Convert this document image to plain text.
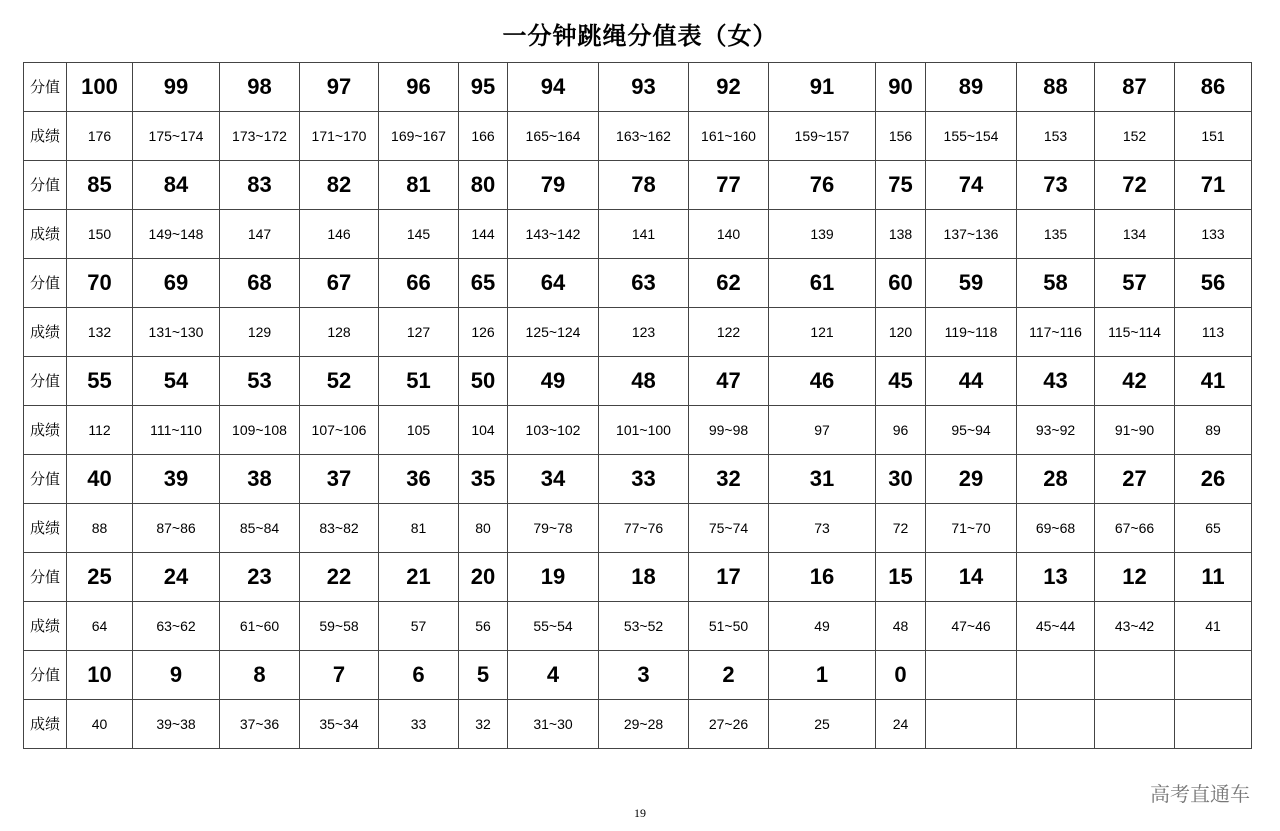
一分钟跳绳分值表（女）
分值	100	99	98	97	96	95	94	93	92	91	90	89	88	87	86
成绩	176	175~174	173~172	171~170	169~167	166	165~164	163~162	161~160	159~157	156	155~154	153	152	151
分值	85	84	83	82	81	80	79	78	77	76	75	74	73	72	71
成绩	150	149~148	147	146	145	144	143~142	141	140	139	138	137~136	135	134	133
分值	70	69	68	67	66	65	64	63	62	61	60	59	58	57	56
成绩	132	131~130	129	128	127	126	125~124	123	122	121	120	119~118	117~116	115~114	113
分值	55	54	53	52	51	50	49	48	47	46	45	44	43	42	41
成绩	112	111~110	109~108	107~106	105	104	103~102	101~100	99~98	97	96	95~94	93~92	91~90	89
分值	40	39	38	37	36	35	34	33	32	31	30	29	28	27	26
成绩	88	87~86	85~84	83~82	81	80	79~78	77~76	75~74	73	72	71~70	69~68	67~66	65
分值	25	24	23	22	21	20	19	18	17	16	15	14	13	12	11
成绩	64	63~62	61~60	59~58	57	56	55~54	53~52	51~50	49	48	47~46	45~44	43~42	41
分值	10	9	8	7	6	5	4	3	2	1	0				
成绩	40	39~38	37~36	35~34	33	32	31~30	29~28	27~26	25	24				
高考直通车
19
